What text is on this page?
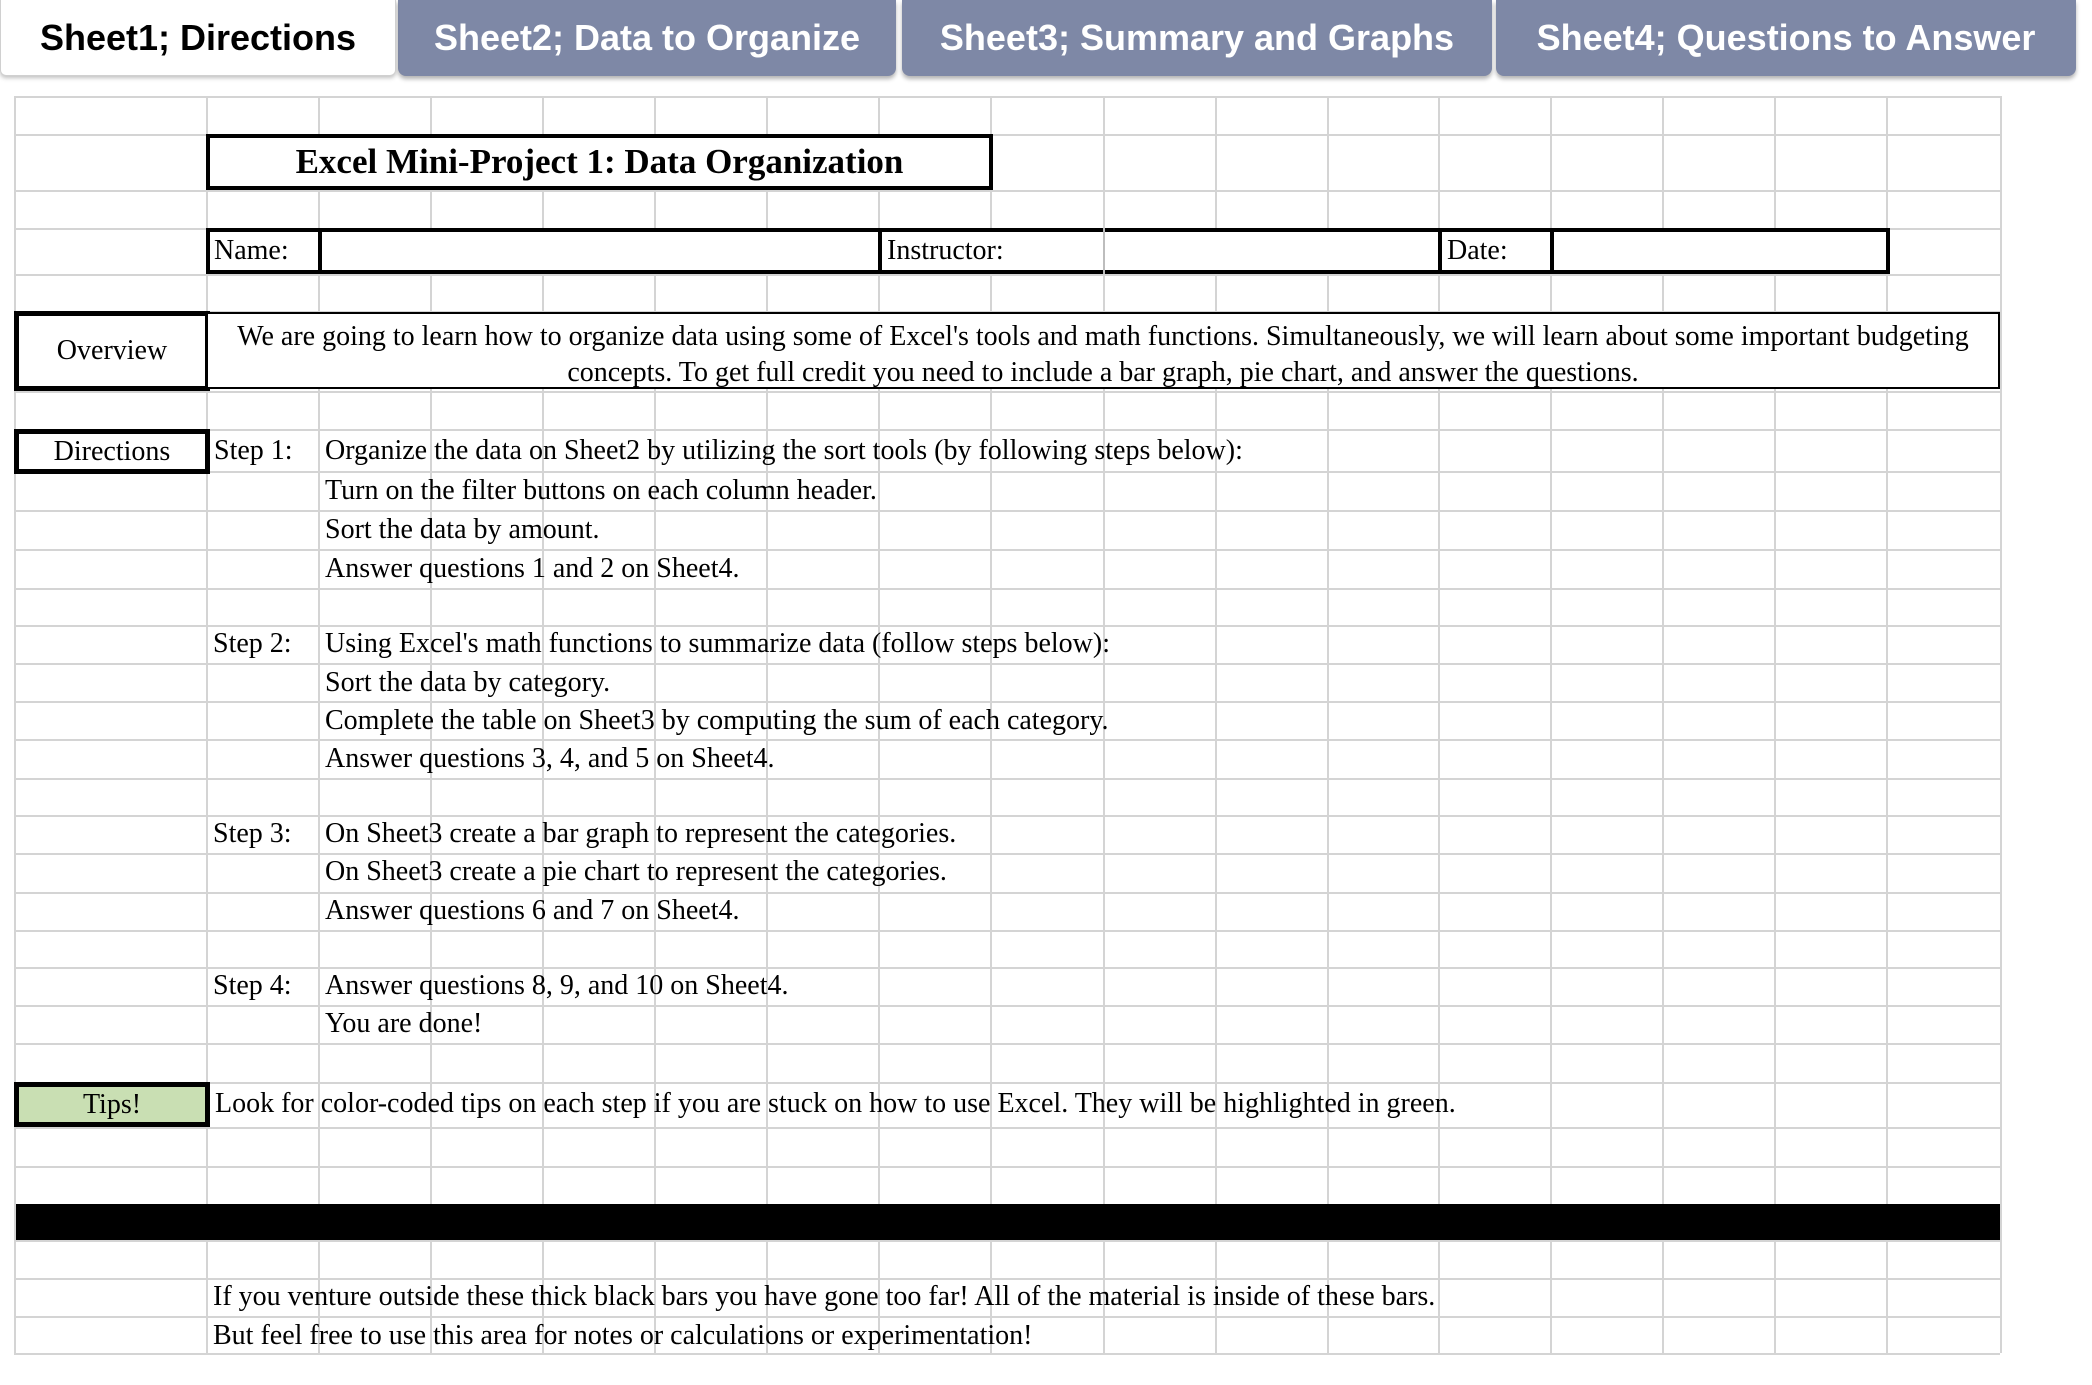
Excel Mini-Project 1: Data Organization
Name:	Instructor:	Date:
Overview	We are going to learn how to organize data using some of Excel's tools and math functions. Simultaneously, we will learn about some important budgeting
concepts. To get full credit you need to include a bar graph, pie chart, and answer the questions.
Directions Step 1: Organize the data on Sheet2 by utilizing the sort tools (by following steps below):
Turn on the filter buttons on each column header.
Sort the data by amount.
Answer questions 1 and 2 on Sheet4.
Step 2: Using Excel's math functions to summarize data (follow steps below):
Sort the data by category.
Complete the table on Sheet3 by computing the sum of each category.
Answer questions 3, 4, and 5 on Sheet4.
Step 3: On Sheet3 create a bar graph to represent the categories.
On Sheet3 create a pie chart to represent the categories.
Answer questions 6 and 7 on Sheet4.
Step 4: Answer questions 8, 9, and 10 on Sheet4.
You are done!
Tips!	Look for color-coded tips on each step if you are stuck on how to use Excel. They will be highlighted in green.
If you venture outside these thick black bars you have gone too far! All of the material is inside of these bars.
But feel free to use this area for notes or calculations or experimentation!
Sheet1; Directions Sheet2; Data to Organize Sheet3; Summary and Graphs Sheet4; Questions to Answer
